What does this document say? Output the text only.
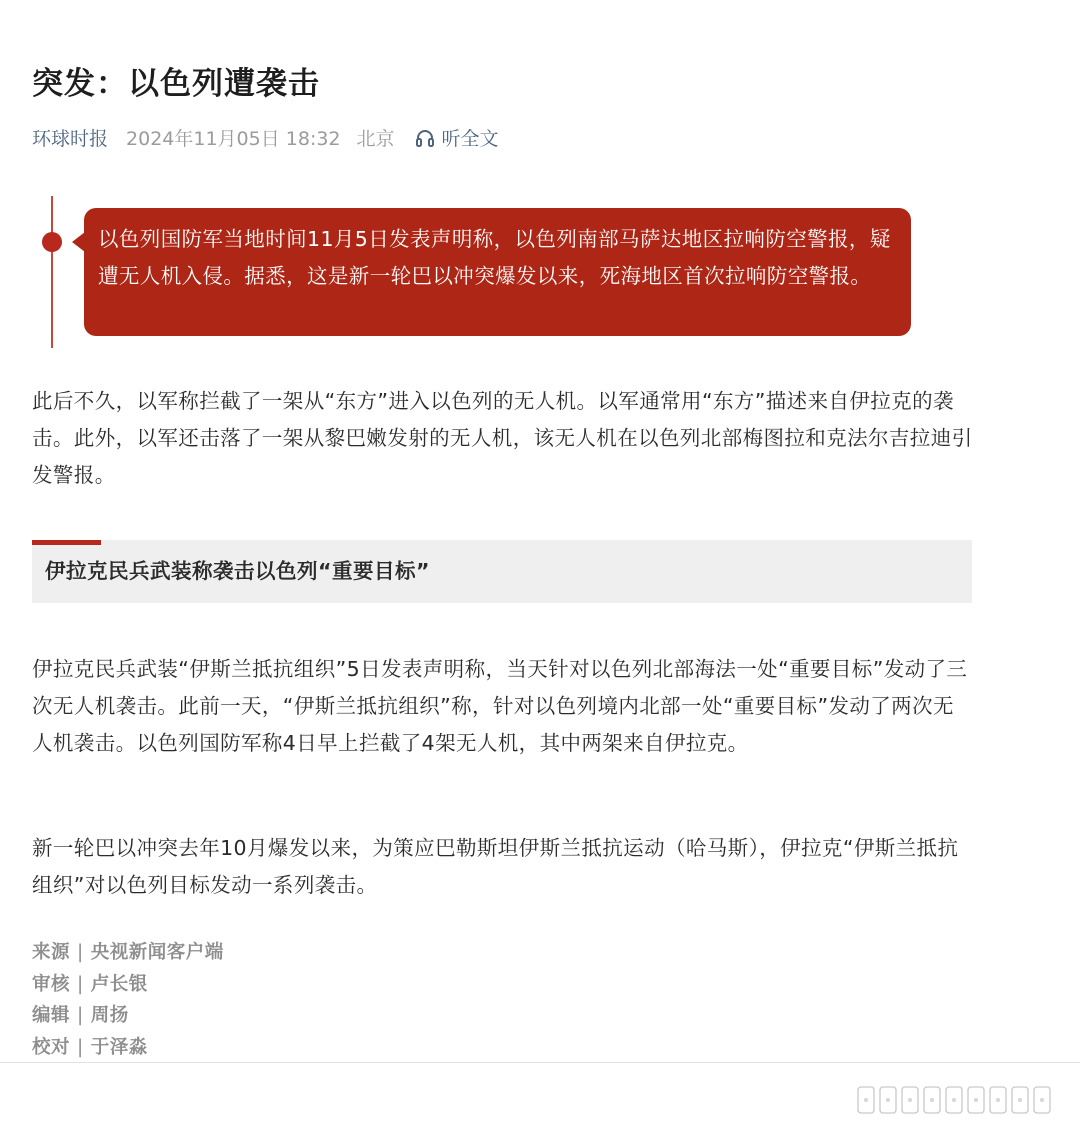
突发：以色列遭袭击
环球时报 2024年11月05日 18:32 北京 听全文
以色列国防军当地时间11月5日发表声明称，以色列南部马萨达地区拉响防空警报，疑遭无人机入侵。据悉，这是新一轮巴以冲突爆发以来，死海地区首次拉响防空警报。

此后不久，以军称拦截了一架从“东方”进入以色列的无人机。以军通常用“东方”描述来自伊拉克的袭击。此外，以军还击落了一架从黎巴嫩发射的无人机，该无人机在以色列北部梅图拉和克法尔吉拉迪引发警报。

伊拉克民兵武装称袭击以色列“重要目标”

伊拉克民兵武装“伊斯兰抵抗组织”5日发表声明称，当天针对以色列北部海法一处“重要目标”发动了三次无人机袭击。此前一天，“伊斯兰抵抗组织”称，针对以色列境内北部一处“重要目标”发动了两次无人机袭击。以色列国防军称4日早上拦截了4架无人机，其中两架来自伊拉克。

新一轮巴以冲突去年10月爆发以来，为策应巴勒斯坦伊斯兰抵抗运动（哈马斯），伊拉克“伊斯兰抵抗组织”对以色列目标发动一系列袭击。

来源 | 央视新闻客户端
审核 | 卢长银
编辑 | 周扬
校对 | 于泽淼
